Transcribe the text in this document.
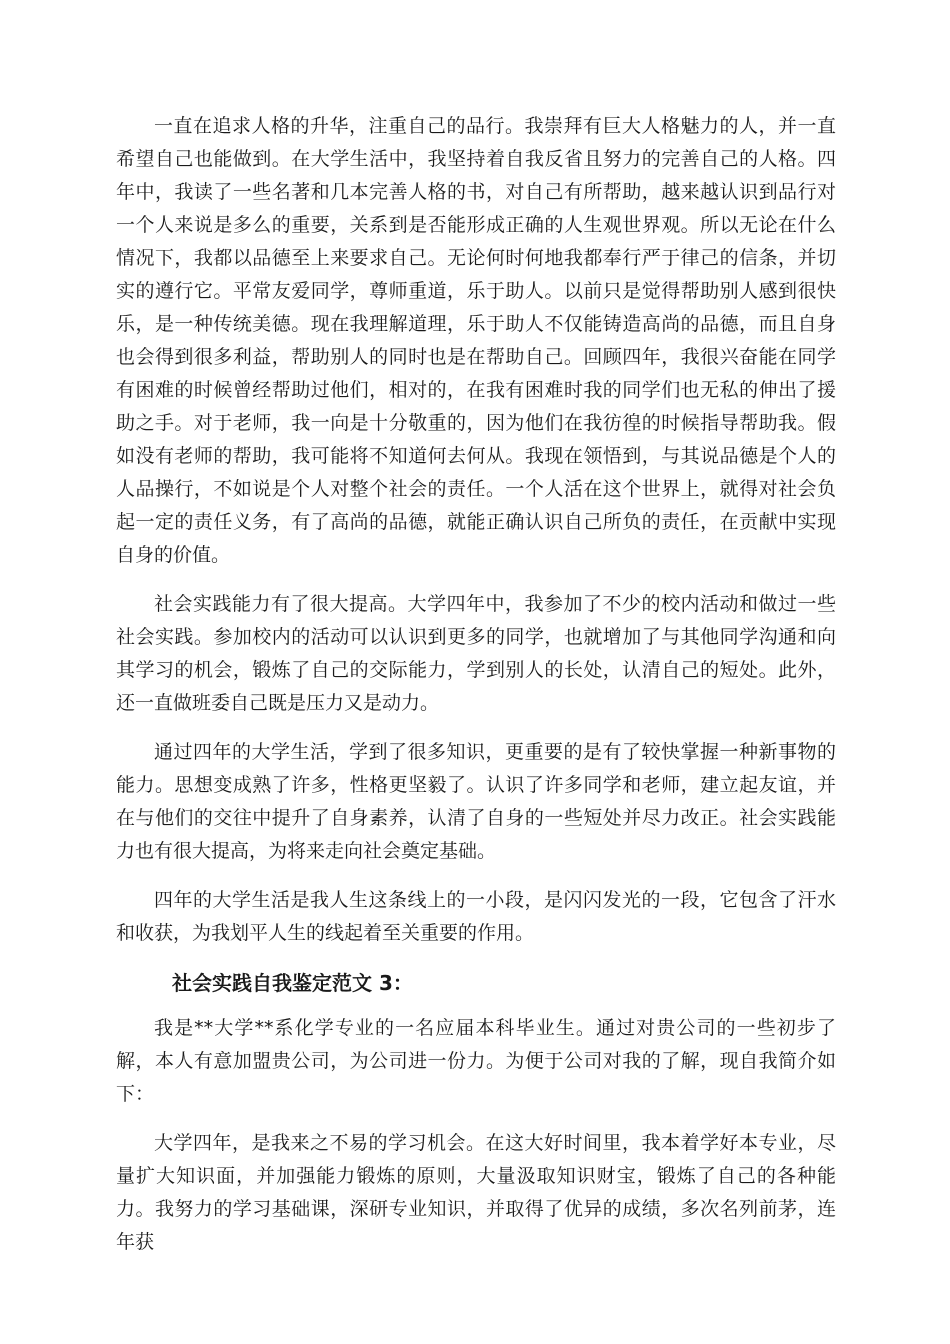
一直在追求人格的升华，注重自己的品行。我崇拜有巨大人格魅力的人，并一直希望自己也能做到。在大学生活中，我坚持着自我反省且努力的完善自己的人格。四年中，我读了一些名著和几本完善人格的书，对自己有所帮助，越来越认识到品行对一个人来说是多么的重要，关系到是否能形成正确的人生观世界观。所以无论在什么情况下，我都以品德至上来要求自己。无论何时何地我都奉行严于律己的信条，并切实的遵行它。平常友爱同学，尊师重道，乐于助人。以前只是觉得帮助别人感到很快乐，是一种传统美德。现在我理解道理，乐于助人不仅能铸造高尚的品德，而且自身也会得到很多利益，帮助别人的同时也是在帮助自己。回顾四年，我很兴奋能在同学有困难的时候曾经帮助过他们，相对的，在我有困难时我的同学们也无私的伸出了援助之手。对于老师，我一向是十分敬重的，因为他们在我彷徨的时候指导帮助我。假如没有老师的帮助，我可能将不知道何去何从。我现在领悟到，与其说品德是个人的人品操行，不如说是个人对整个社会的责任。一个人活在这个世界上，就得对社会负起一定的责任义务，有了高尚的品德，就能正确认识自己所负的责任，在贡献中实现自身的价值。

社会实践能力有了很大提高。大学四年中，我参加了不少的校内活动和做过一些社会实践。参加校内的活动可以认识到更多的同学，也就增加了与其他同学沟通和向其学习的机会，锻炼了自己的交际能力，学到别人的长处，认清自己的短处。此外，还一直做班委自己既是压力又是动力。

通过四年的大学生活，学到了很多知识，更重要的是有了较快掌握一种新事物的能力。思想变成熟了许多，性格更坚毅了。认识了许多同学和老师，建立起友谊，并在与他们的交往中提升了自身素养，认清了自身的一些短处并尽力改正。社会实践能力也有很大提高，为将来走向社会奠定基础。

四年的大学生活是我人生这条线上的一小段，是闪闪发光的一段，它包含了汗水和收获，为我划平人生的线起着至关重要的作用。

社会实践自我鉴定范文 3：

我是**大学**系化学专业的一名应届本科毕业生。通过对贵公司的一些初步了解，本人有意加盟贵公司，为公司进一份力。为便于公司对我的了解，现自我简介如下：

大学四年，是我来之不易的学习机会。在这大好时间里，我本着学好本专业，尽量扩大知识面，并加强能力锻炼的原则，大量汲取知识财宝，锻炼了自己的各种能力。我努力的学习基础课，深研专业知识，并取得了优异的成绩，多次名列前茅，连年获
